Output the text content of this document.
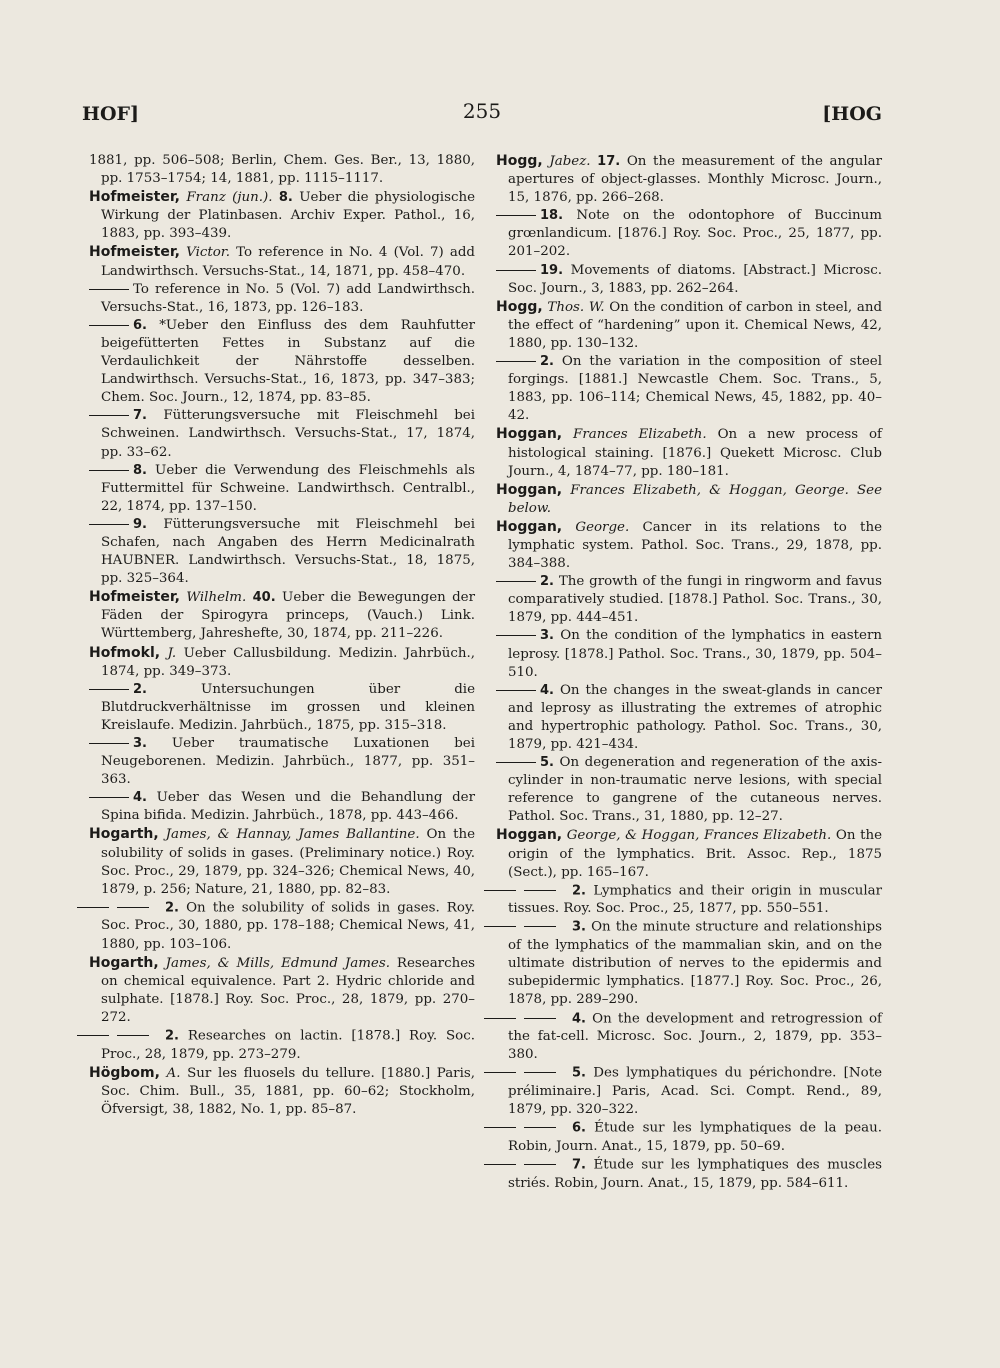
HOF]	255	[HOG

1881, pp. 506–508; Berlin, Chem. Ges. Ber., 13, 1880, pp. 1753–1754; 14, 1881, pp. 1115–1117.

Hofmeister, Franz (jun.). 8. Ueber die physiologische Wirkung der Platinbasen. Archiv Exper. Pathol., 16, 1883, pp. 393–439.

Hofmeister, Victor. To reference in No. 4 (Vol. 7) add Landwirthsch. Versuchs-Stat., 14, 1871, pp. 458–470.

To reference in No. 5 (Vol. 7) add Landwirthsch. Versuchs-Stat., 16, 1873, pp. 126–183.

6. *Ueber den Einfluss des dem Rauhfutter beigefütterten Fettes in Substanz auf die Verdaulichkeit der Nährstoffe desselben. Landwirthsch. Versuchs-Stat., 16, 1873, pp. 347–383; Chem. Soc. Journ., 12, 1874, pp. 83–85.

7. Fütterungsversuche mit Fleischmehl bei Schweinen. Landwirthsch. Versuchs-Stat., 17, 1874, pp. 33–62.

8. Ueber die Verwendung des Fleischmehls als Futtermittel für Schweine. Landwirthsch. Centralbl., 22, 1874, pp. 137–150.

9. Fütterungsversuche mit Fleischmehl bei Schafen, nach Angaben des Herrn Medicinalrath HAUBNER. Landwirthsch. Versuchs-Stat., 18, 1875, pp. 325–364.

Hofmeister, Wilhelm. 40. Ueber die Bewegungen der Fäden der Spirogyra princeps, (Vauch.) Link. Württemberg, Jahreshefte, 30, 1874, pp. 211–226.

Hofmokl, J. Ueber Callusbildung. Medizin. Jahrbüch., 1874, pp. 349–373.

2.	Untersuchungen über die Blutdruckverhältnisse im grossen und kleinen Kreislaufe. Medizin. Jahrbüch., 1875, pp. 315–318.

3. Ueber traumatische Luxationen bei Neugeborenen. Medizin. Jahrbüch., 1877, pp. 351–363.

4. Ueber das Wesen und die Behandlung der Spina bifida. Medizin. Jahrbüch., 1878, pp. 443–466.

Hogarth, James, & Hannay, James Ballantine. On the solubility of solids in gases. (Preliminary notice.) Roy. Soc. Proc., 29, 1879, pp. 324–326; Chemical News, 40, 1879, p. 256; Nature, 21, 1880, pp. 82–83.

2. On the solubility of solids in gases. Roy. Soc. Proc., 30, 1880, pp. 178–188; Chemical News, 41, 1880, pp. 103–106.

Hogarth, James, & Mills, Edmund James. Researches on chemical equivalence. Part 2. Hydric chloride and sulphate. [1878.] Roy. Soc. Proc., 28, 1879, pp. 270–272.

2. Researches on lactin. [1878.] Roy. Soc. Proc., 28, 1879, pp. 273–279.

Högbom, A. Sur les fluosels du tellure. [1880.] Paris, Soc. Chim. Bull., 35, 1881, pp. 60–62; Stockholm, Öfversigt, 38, 1882, No. 1, pp. 85–87.

Hogg, Jabez. 17. On the measurement of the angular apertures of object-glasses. Monthly Microsc. Journ., 15, 1876, pp. 266–268.

18. Note on the odontophore of Buccinum grœnlandicum. [1876.] Roy. Soc. Proc., 25, 1877, pp. 201–202.

19. Movements of diatoms. [Abstract.] Microsc. Soc. Journ., 3, 1883, pp. 262–264.

Hogg, Thos. W. On the condition of carbon in steel, and the effect of “hardening” upon it. Chemical News, 42, 1880, pp. 130–132.

2. On the variation in the composition of steel forgings. [1881.] Newcastle Chem. Soc. Trans., 5, 1883, pp. 106–114; Chemical News, 45, 1882, pp. 40–42.

Hoggan, Frances Elizabeth. On a new process of histological staining. [1876.] Quekett Microsc. Club Journ., 4, 1874–77, pp. 180–181.

Hoggan, Frances Elizabeth, & Hoggan, George. See below.

Hoggan, George. Cancer in its relations to the lymphatic system. Pathol. Soc. Trans., 29, 1878, pp. 384–388.

2. The growth of the fungi in ringworm and favus comparatively studied. [1878.] Pathol. Soc. Trans., 30, 1879, pp. 444–451.

3. On the condition of the lymphatics in eastern leprosy. [1878.] Pathol. Soc. Trans., 30, 1879, pp. 504–510.

4. On the changes in the sweat-glands in cancer and leprosy as illustrating the extremes of atrophic and hypertrophic pathology. Pathol. Soc. Trans., 30, 1879, pp. 421–434.

5. On degeneration and regeneration of the axis-cylinder in non-traumatic nerve lesions, with special reference to gangrene of the cutaneous nerves. Pathol. Soc. Trans., 31, 1880, pp. 12–27.

Hoggan, George, & Hoggan, Frances Elizabeth. On the origin of the lymphatics. Brit. Assoc. Rep., 1875 (Sect.), pp. 165–167.

2. Lymphatics and their origin in muscular tissues. Roy. Soc. Proc., 25, 1877, pp. 550–551.

3. On the minute structure and relationships of the lymphatics of the mammalian skin, and on the ultimate distribution of nerves to the epidermis and subepidermic lymphatics. [1877.] Roy. Soc. Proc., 26, 1878, pp. 289–290.

4. On the development and retrogression of the fat-cell. Microsc. Soc. Journ., 2, 1879, pp. 353–380.

5. Des lymphatiques du périchondre. [Note préliminaire.] Paris, Acad. Sci. Compt. Rend., 89, 1879, pp. 320–322.

6. Étude sur les lymphatiques de la peau. Robin, Journ. Anat., 15, 1879, pp. 50–69.

7. Étude sur les lymphatiques des muscles striés. Robin, Journ. Anat., 15, 1879, pp. 584–611.
